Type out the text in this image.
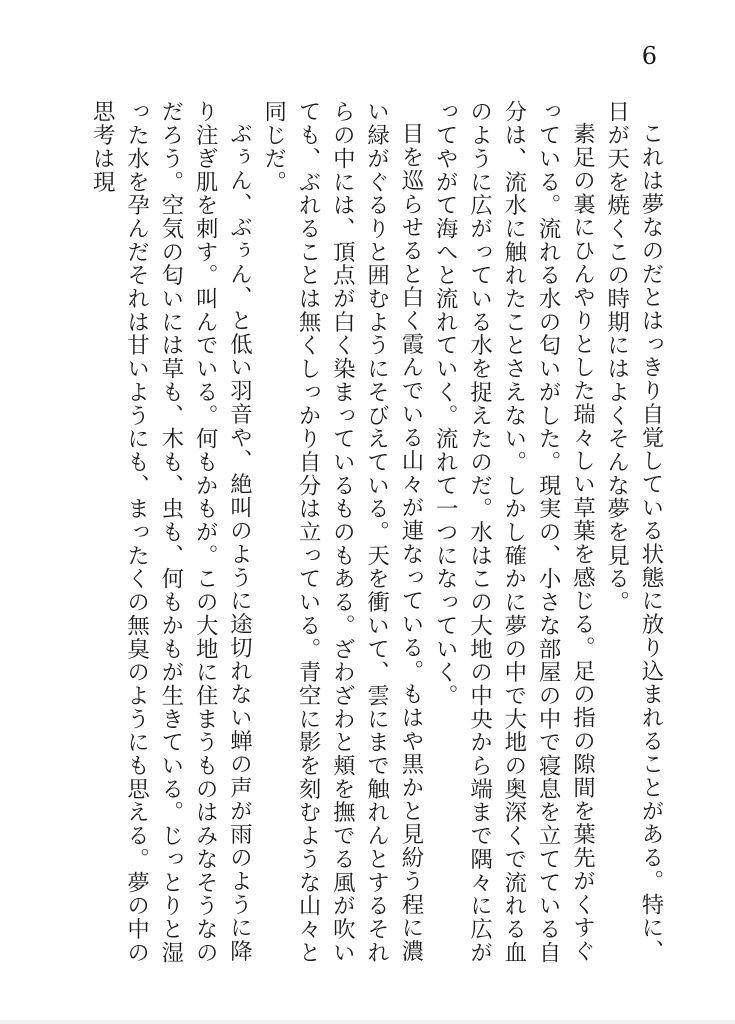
6

これは夢なのだとはっきり自覚している状態に放り込まれることがある。特に、日が天を焼くこの時期にはよくそんな夢を見る。

素足の裏にひんやりとした瑞々しい草葉を感じる。足の指の隙間を葉先がくすぐっている。流れる水の匂いがした。現実の、小さな部屋の中で寝息を立てている自分は、流水に触れたことさえない。しかし確かに夢の中で大地の奥深くで流れる血のように広がっている水を捉えたのだ。水はこの大地の中央から端まで隅々に広がってやがて海へと流れていく。流れて一つになっていく。

目を巡らせると白く霞んでいる山々が連なっている。もはや黒かと見紛う程に濃い緑がぐるりと囲むようにそびえている。天を衝いて、雲にまで触れんとするそれらの中には、頂点が白く染まっているものもある。ざわざわと頬を撫でる風が吹いても、ぶれることは無くしっかり自分は立っている。青空に影を刻むような山々と同じだ。

ぶぅん、ぶぅん、と低い羽音や、絶叫のように途切れない蝉の声が雨のように降り注ぎ肌を刺す。叫んでいる。何もかもが。この大地に住まうものはみなそうなのだろう。空気の匂いには草も、木も、虫も、何もかもが生きている。じっとりと湿った水を孕んだそれは甘いようにも、まったくの無臭のようにも思える。夢の中の思考は現
